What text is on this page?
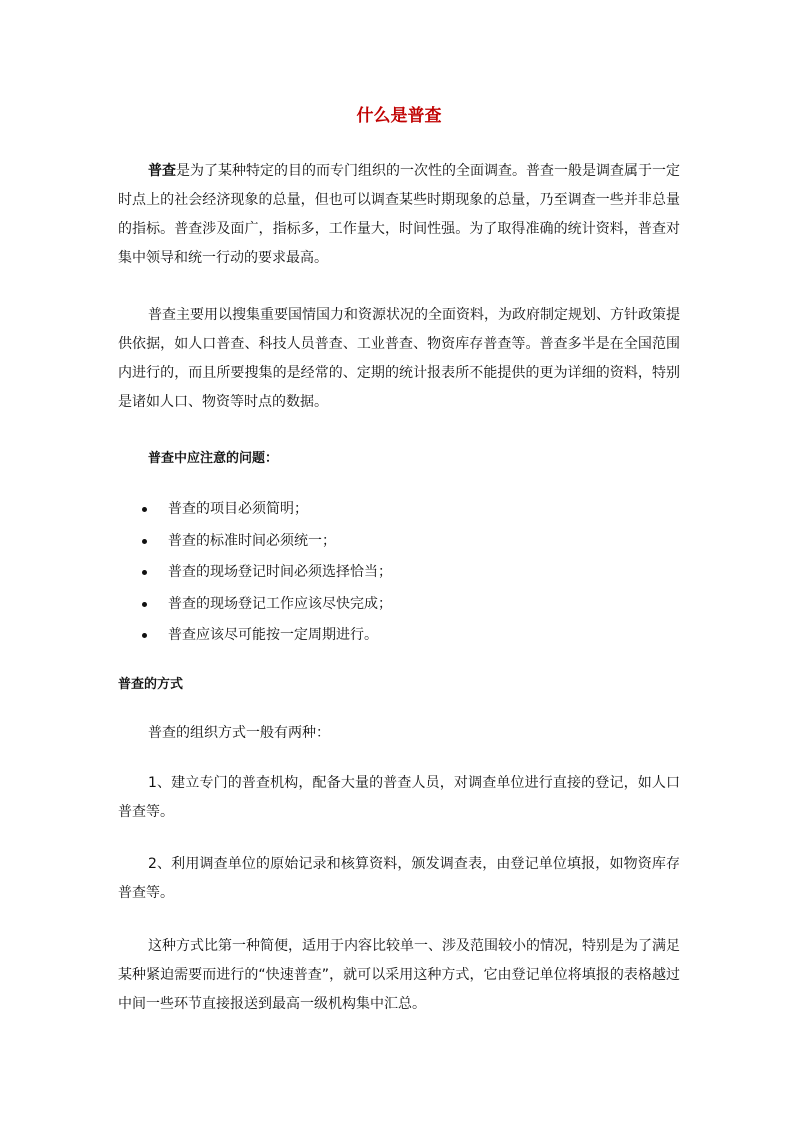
什么是普查

普查是为了某种特定的目的而专门组织的一次性的全面调查。普查一般是调查属于一定时点上的社会经济现象的总量，但也可以调查某些时期现象的总量，乃至调查一些并非总量的指标。普查涉及面广，指标多，工作量大，时间性强。为了取得准确的统计资料，普查对集中领导和统一行动的要求最高。

普查主要用以搜集重要国情国力和资源状况的全面资料，为政府制定规划、方针政策提供依据，如人口普查、科技人员普查、工业普查、物资库存普查等。普查多半是在全国范围内进行的，而且所要搜集的是经常的、定期的统计报表所不能提供的更为详细的资料，特别是诸如人口、物资等时点的数据。

普查中应注意的问题：
普查的项目必须简明；
普查的标准时间必须统一；
普查的现场登记时间必须选择恰当；
普查的现场登记工作应该尽快完成；
普查应该尽可能按一定周期进行。
普查的方式
普查的组织方式一般有两种：

1、建立专门的普查机构，配备大量的普查人员，对调查单位进行直接的登记，如人口普查等。

2、利用调查单位的原始记录和核算资料，颁发调查表，由登记单位填报，如物资库存普查等。

这种方式比第一种简便，适用于内容比较单一、涉及范围较小的情况，特别是为了满足某种紧迫需要而进行的“快速普查”，就可以采用这种方式，它由登记单位将填报的表格越过中间一些环节直接报送到最高一级机构集中汇总。
